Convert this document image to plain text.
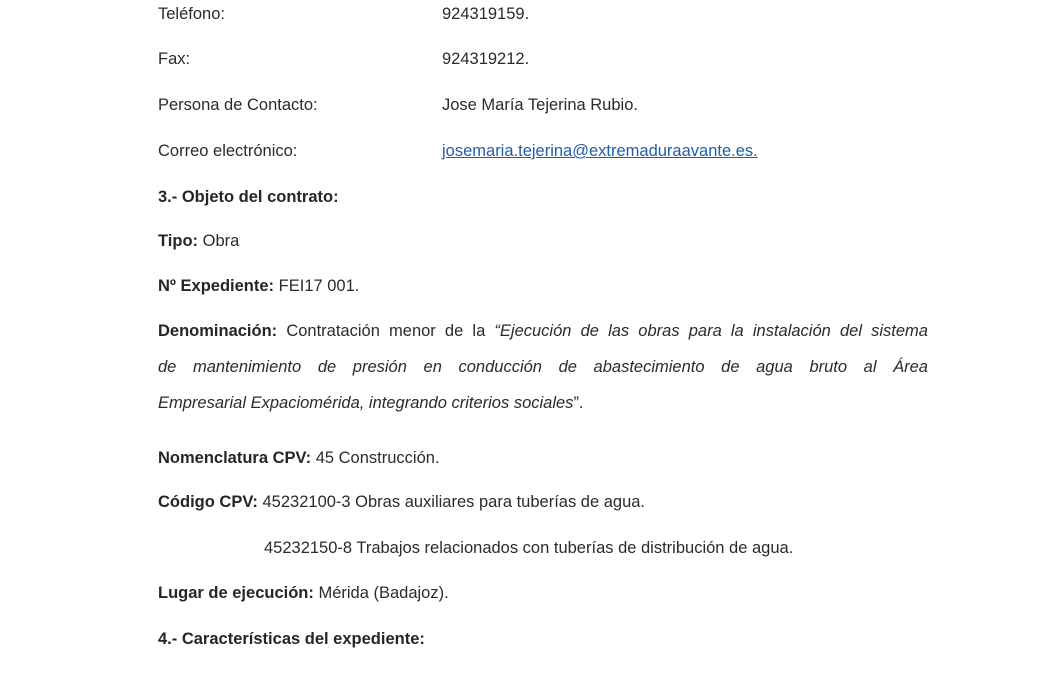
Teléfono:	924319159.
Fax:	924319212.
Persona de Contacto:	Jose María Tejerina Rubio.
Correo electrónico:	josemaria.tejerina@extremaduraavante.es.
3.- Objeto del contrato:
Tipo: Obra
Nº Expediente: FEI17 001.
Denominación: Contratación menor de la “Ejecución de las obras para la instalación del sistema
de mantenimiento de presión en conducción de abastecimiento de agua bruto al Área
Empresarial Expaciomérida, integrando criterios sociales”.
Nomenclatura CPV: 45 Construcción.
Código CPV: 45232100-3 Obras auxiliares para tuberías de agua.
45232150-8 Trabajos relacionados con tuberías de distribución de agua.
Lugar de ejecución: Mérida (Badajoz).
4.- Características del expediente:
